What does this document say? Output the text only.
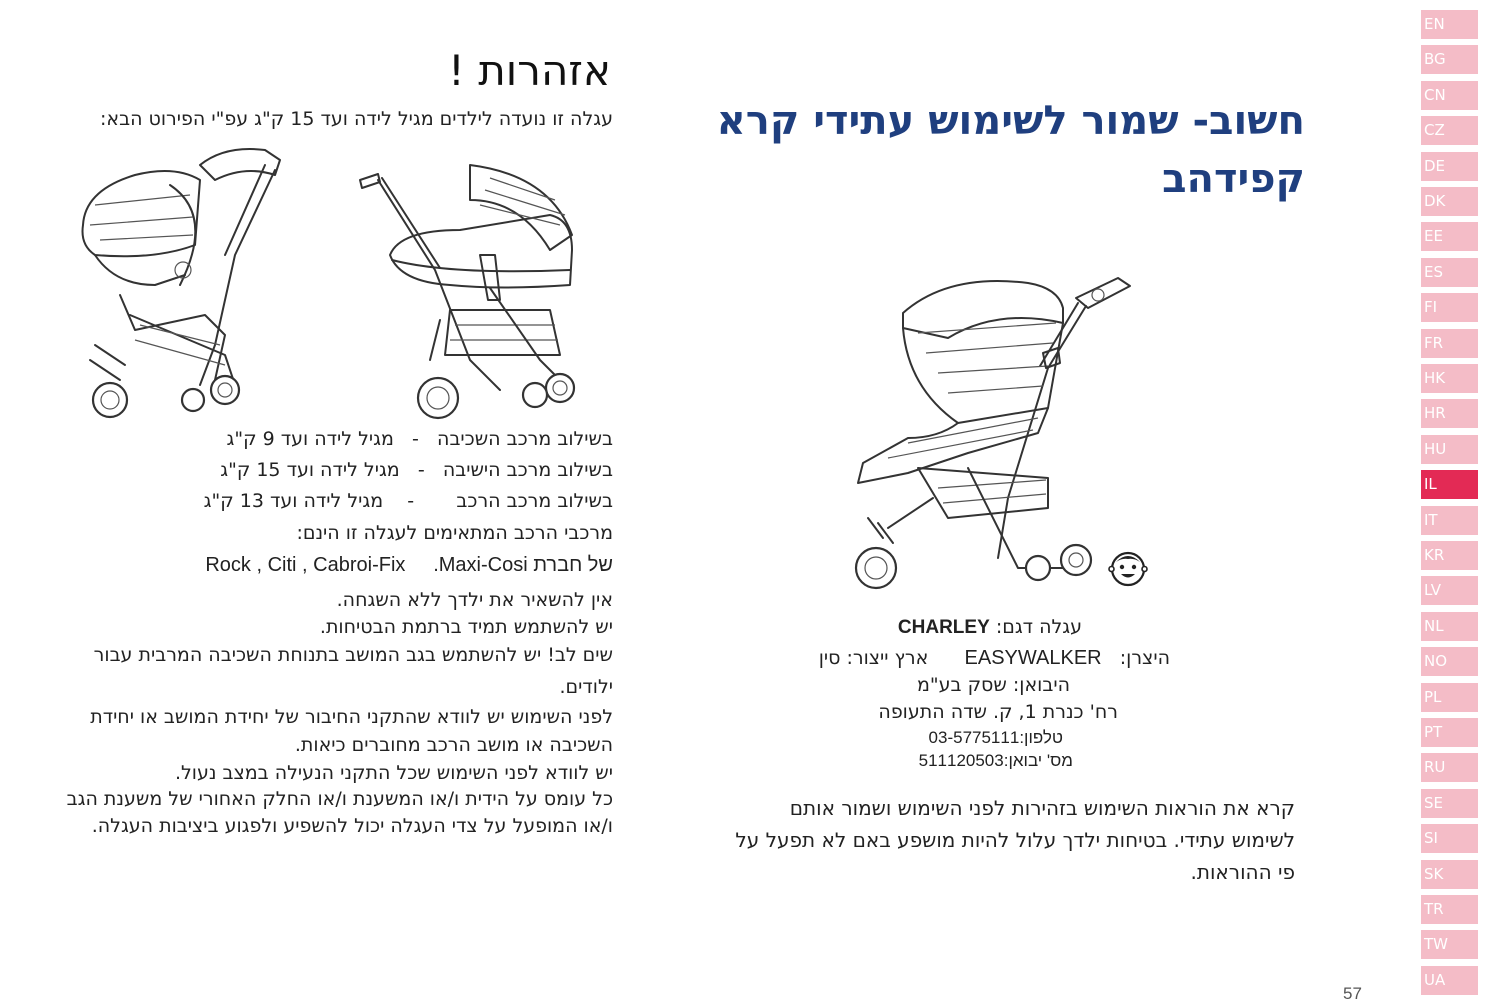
EN
BG
CN
CZ
DE
DK
EE
ES
FI
FR
HK
HR
HU
IL
IT
KR
LV
NL
NO
PL
PT
RU
SE
SI
SK
TR
TW
UA
57
אזהרות !
עגלה זו נועדה לילדים מגיל לידה ועד 15 ק"ג עפ"י הפירוט הבא:
בשילוב מרכב השכיבה   -   מגיל לידה ועד 9 ק"ג
בשילוב מרכב הישיבה   -   מגיל לידה ועד 15 ק"ג
בשילוב מרכב הרכב       -    מגיל לידה ועד 13 ק"ג
מרכבי הרכב המתאימים לעגלה זו הינם:
של חברת Maxi-Cosi.     Rock , Citi , Cabroi-Fix
אין להשאיר את ילדך ללא השגחה.
יש להשתמש תמיד ברתמת הבטיחות.
שים לב! יש להשתמש בגב המושב בתנוחת השכיבה המרבית עבור
ילודים.
לפני השימוש יש לוודא שהתקני החיבור של יחידת המושב או יחידת
השכיבה או מושב הרכב מחוברים כיאות.
יש לוודא לפני השימוש שכל התקני הנעילה במצב נעול.
כל עומס על הידית ו/או המשענת ו/או החלק האחורי של משענת הגב
ו/או המופעל על צדי העגלה יכול להשפיע ולפגוע ביציבות העגלה.
חשוב- שמור לשימוש עתידי קרא קפידהב
עגלה דגם: CHARLEY
היצרן:   EASYWALKER      ארץ ייצור: סין
היבואן: שסק בע"מ
רח' כנרת 1, ק. שדה התעופה
טלפון:03-5775111
מס' יבואן:511120503
קרא את הוראות השימוש בזהירות לפני השימוש ושמור אותם
לשימוש עתידי. בטיחות ילדך עלול להיות מושפע באם לא תפעל על
פי ההוראות.
